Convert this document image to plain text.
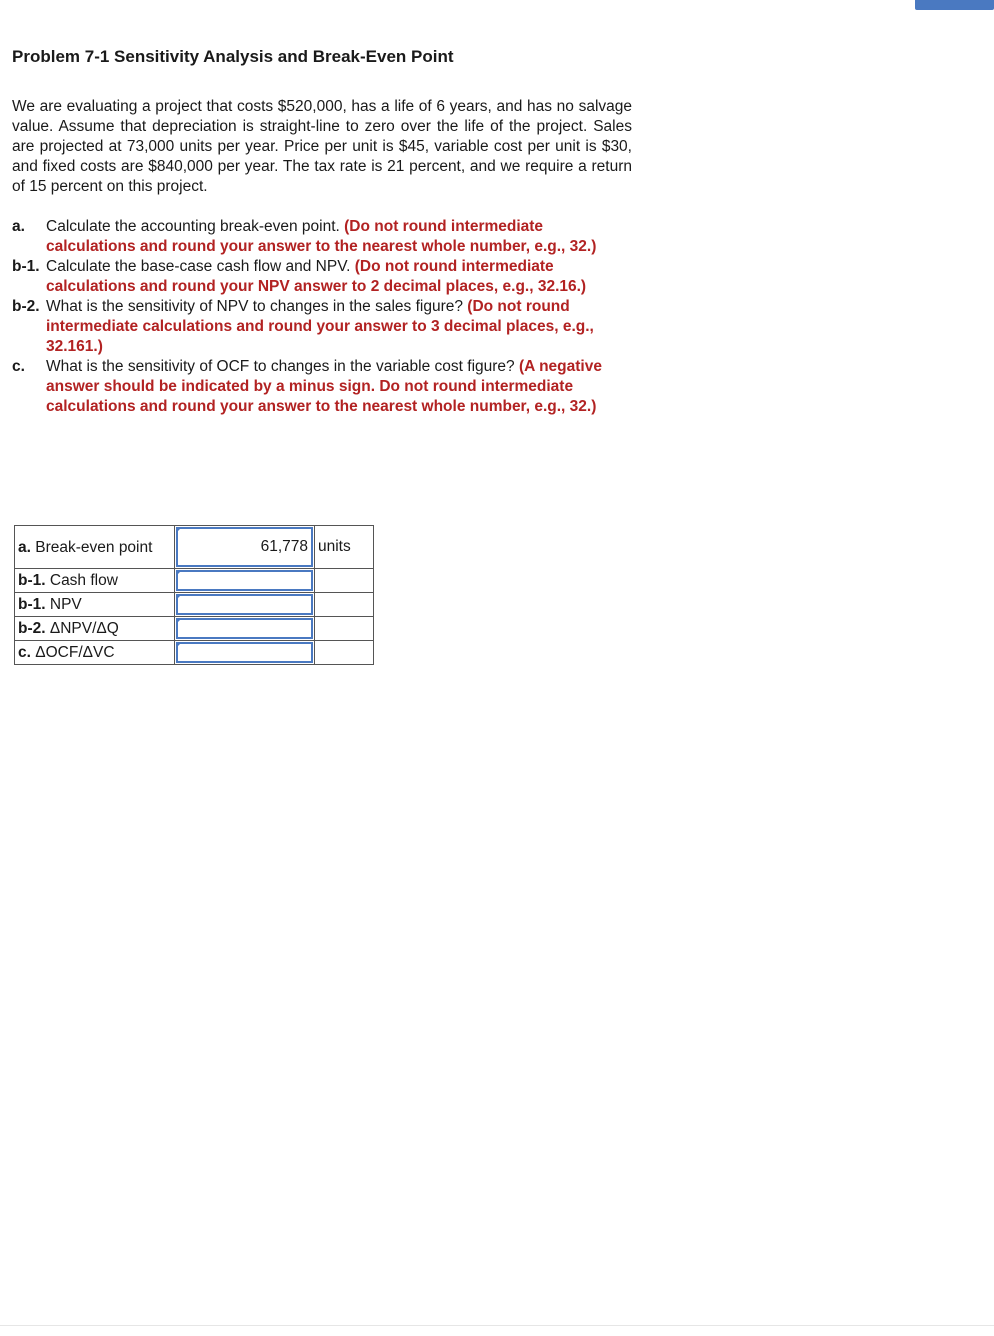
Problem 7-1 Sensitivity Analysis and Break-Even Point
We are evaluating a project that costs $520,000, has a life of 6 years, and has no salvage value. Assume that depreciation is straight-line to zero over the life of the project. Sales are projected at 73,000 units per year. Price per unit is $45, variable cost per unit is $30, and fixed costs are $840,000 per year. The tax rate is 21 percent, and we require a return of 15 percent on this project.
a. Calculate the accounting break-even point. (Do not round intermediate calculations and round your answer to the nearest whole number, e.g., 32.)
b-1. Calculate the base-case cash flow and NPV. (Do not round intermediate calculations and round your NPV answer to 2 decimal places, e.g., 32.16.)
b-2. What is the sensitivity of NPV to changes in the sales figure? (Do not round intermediate calculations and round your answer to 3 decimal places, e.g., 32.161.)
c. What is the sensitivity of OCF to changes in the variable cost figure? (A negative answer should be indicated by a minus sign. Do not round intermediate calculations and round your answer to the nearest whole number, e.g., 32.)
a. Break-even point	61,778	units
b-1. Cash flow	

b-1. NPV	

b-2. ΔNPV/ΔQ	

c. ΔOCF/ΔVC	
